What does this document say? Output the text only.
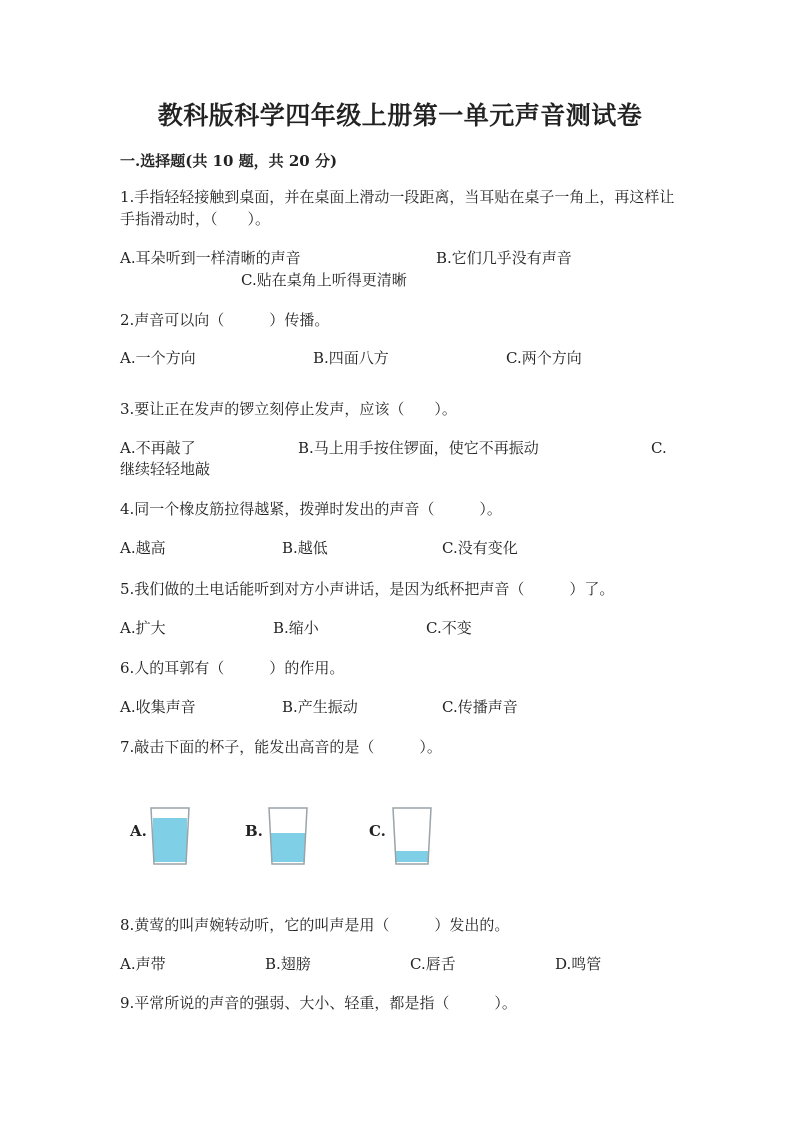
教科版科学四年级上册第一单元声音测试卷
一.选择题(共 10 题，共 20 分)
1.手指轻轻接触到桌面，并在桌面上滑动一段距离，当耳贴在桌子一角上，再这样让手指滑动时，（　　）。
A.耳朵听到一样清晰的声音	B.它们几乎没有声音
C.贴在桌角上听得更清晰
2.声音可以向（　　　）传播。
A.一个方向	B.四面八方	C.两个方向
3.要让正在发声的锣立刻停止发声，应该（　　）。
A.不再敲了	B.马上用手按住锣面，使它不再振动	C.
继续轻轻地敲
4.同一个橡皮筋拉得越紧，拨弹时发出的声音（　　　）。
A.越高	B.越低	C.没有变化
5.我们做的土电话能听到对方小声讲话，是因为纸杯把声音（　　　）了。
A.扩大	B.缩小	C.不变
6.人的耳郭有（　　　）的作用。
A.收集声音	B.产生振动	C.传播声音
7.敲击下面的杯子，能发出高音的是（　　　）。
A.	B.	C.
8.黄莺的叫声婉转动听，它的叫声是用（　　　）发出的。
A.声带	B.翅膀	C.唇舌	D.鸣管
9.平常所说的声音的强弱、大小、轻重，都是指（　　　）。
